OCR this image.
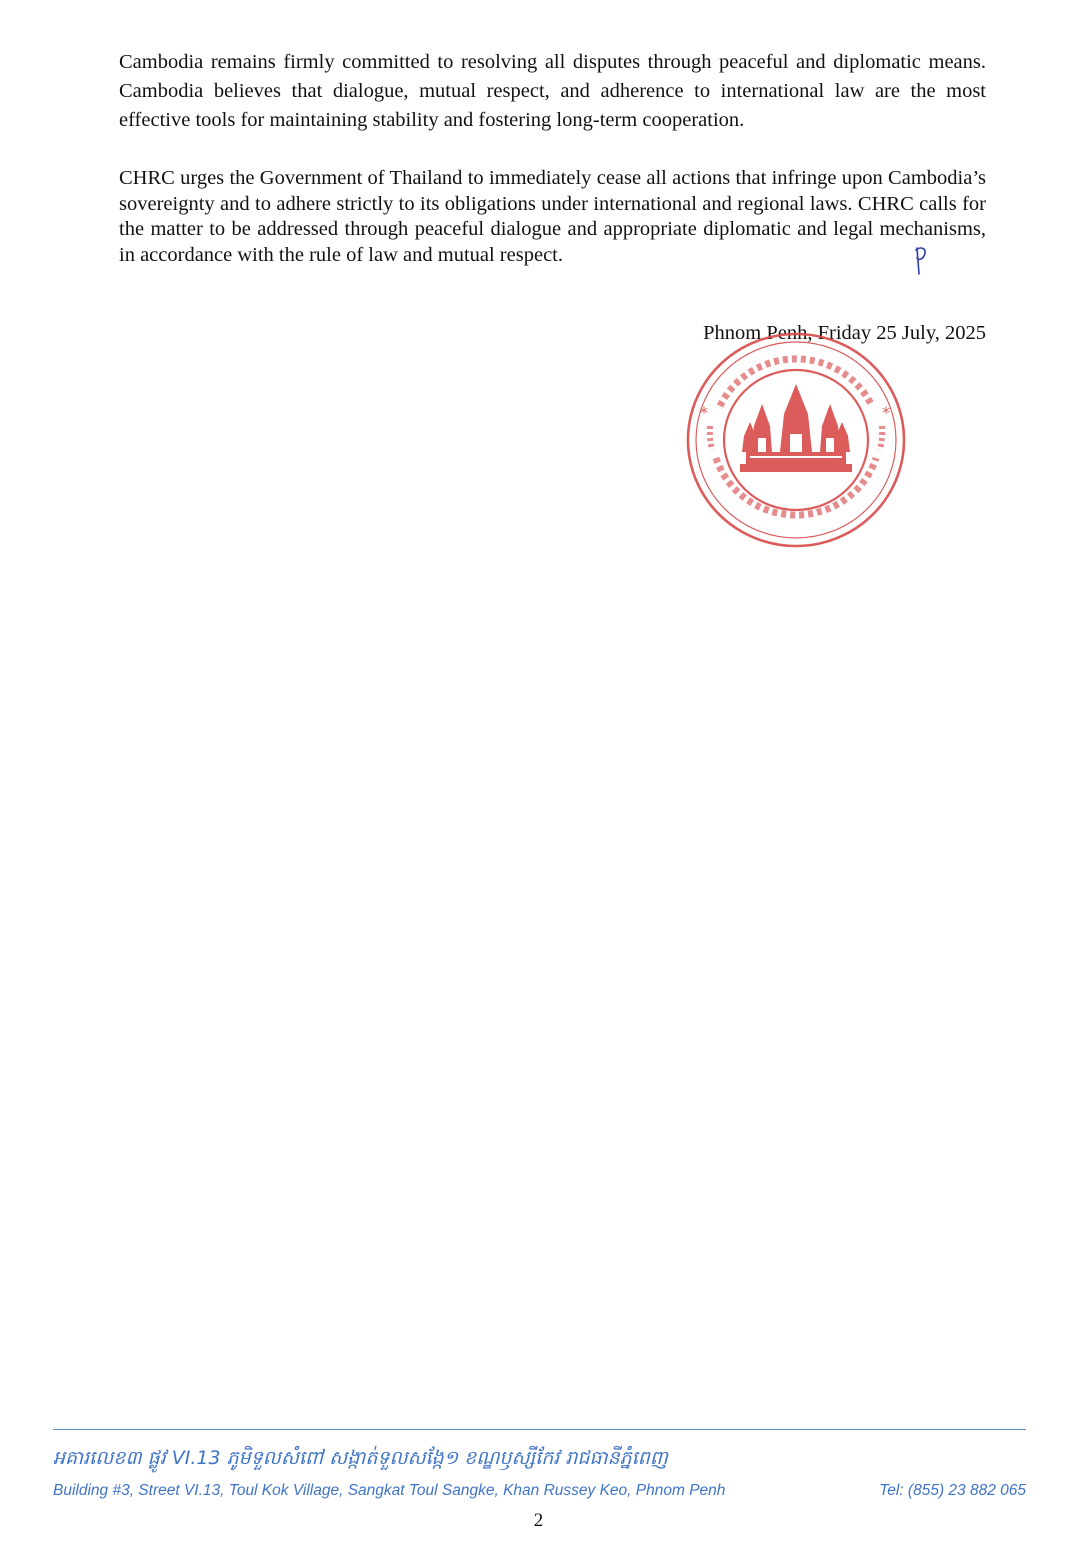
Cambodia remains firmly committed to resolving all disputes through peaceful and diplomatic means. Cambodia believes that dialogue, mutual respect, and adherence to international law are the most effective tools for maintaining stability and fostering long-term cooperation.

CHRC urges the Government of Thailand to immediately cease all actions that infringe upon Cambodia’s sovereignty and to adhere strictly to its obligations under international and regional laws. CHRC calls for the matter to be addressed through peaceful dialogue and appropriate diplomatic and legal mechanisms, in accordance with the rule of law and mutual respect.

Phnom Penh, Friday 25 July, 2025
*	*
អគារលេខ៣ ផ្លូវ VI.13 ភូមិទួលសំពៅ សង្កាត់ទួលសង្កែ១ ខណ្ឌឫស្សីកែវ រាជធានីភ្នំពេញ
Building #3, Street VI.13, Toul Kok Village, Sangkat Toul Sangke, Khan Russey Keo, Phnom Penh	Tel: (855) 23 882 065
2
